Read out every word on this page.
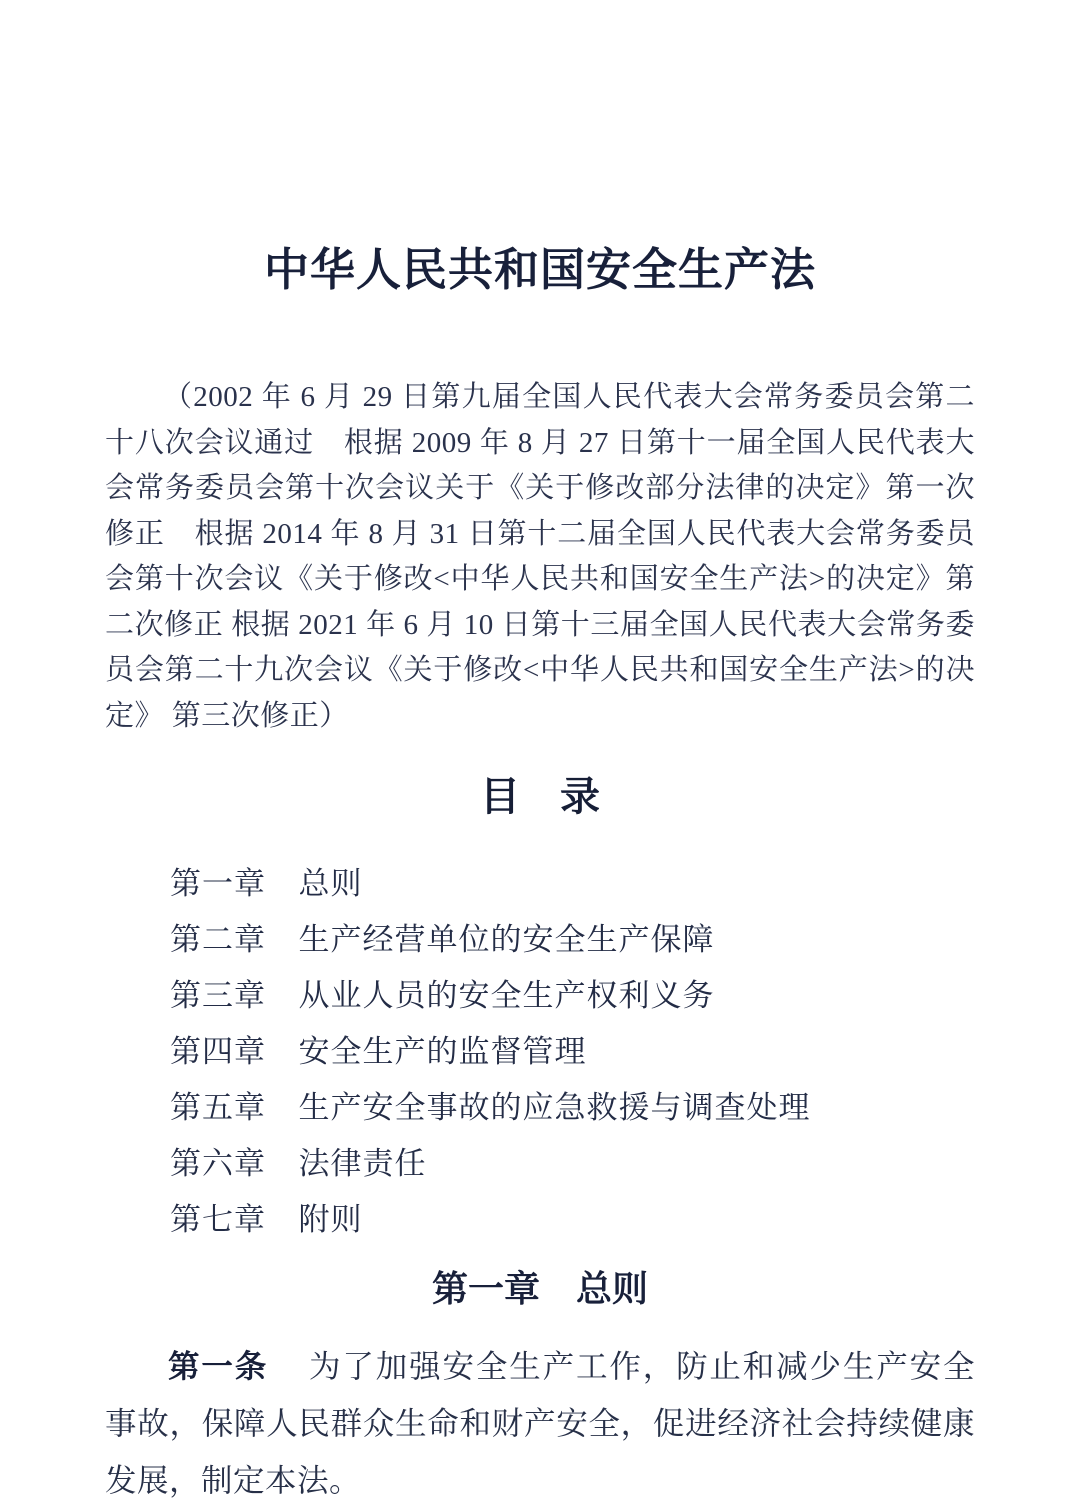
中华人民共和国安全生产法

（2002 年 6 月 29 日第九届全国人民代表大会常务委员会第二十八次会议通过　根据 2009 年 8 月 27 日第十一届全国人民代表大会常务委员会第十次会议关于《关于修改部分法律的决定》第一次修正　根据 2014 年 8 月 31 日第十二届全国人民代表大会常务委员会第十次会议《关于修改<中华人民共和国安全生产法>的决定》第二次修正 根据 2021 年 6 月 10 日第十三届全国人民代表大会常务委员会第二十九次会议《关于修改<中华人民共和国安全生产法>的决定》 第三次修正）

目　录
第一章 总则
第二章 生产经营单位的安全生产保障
第三章 从业人员的安全生产权利义务
第四章 安全生产的监督管理
第五章 生产安全事故的应急救援与调查处理
第六章 法律责任
第七章 附则
第一章　总则

第一条 为了加强安全生产工作，防止和减少生产安全事故，保障人民群众生命和财产安全，促进经济社会持续健康发展，制定本法。
